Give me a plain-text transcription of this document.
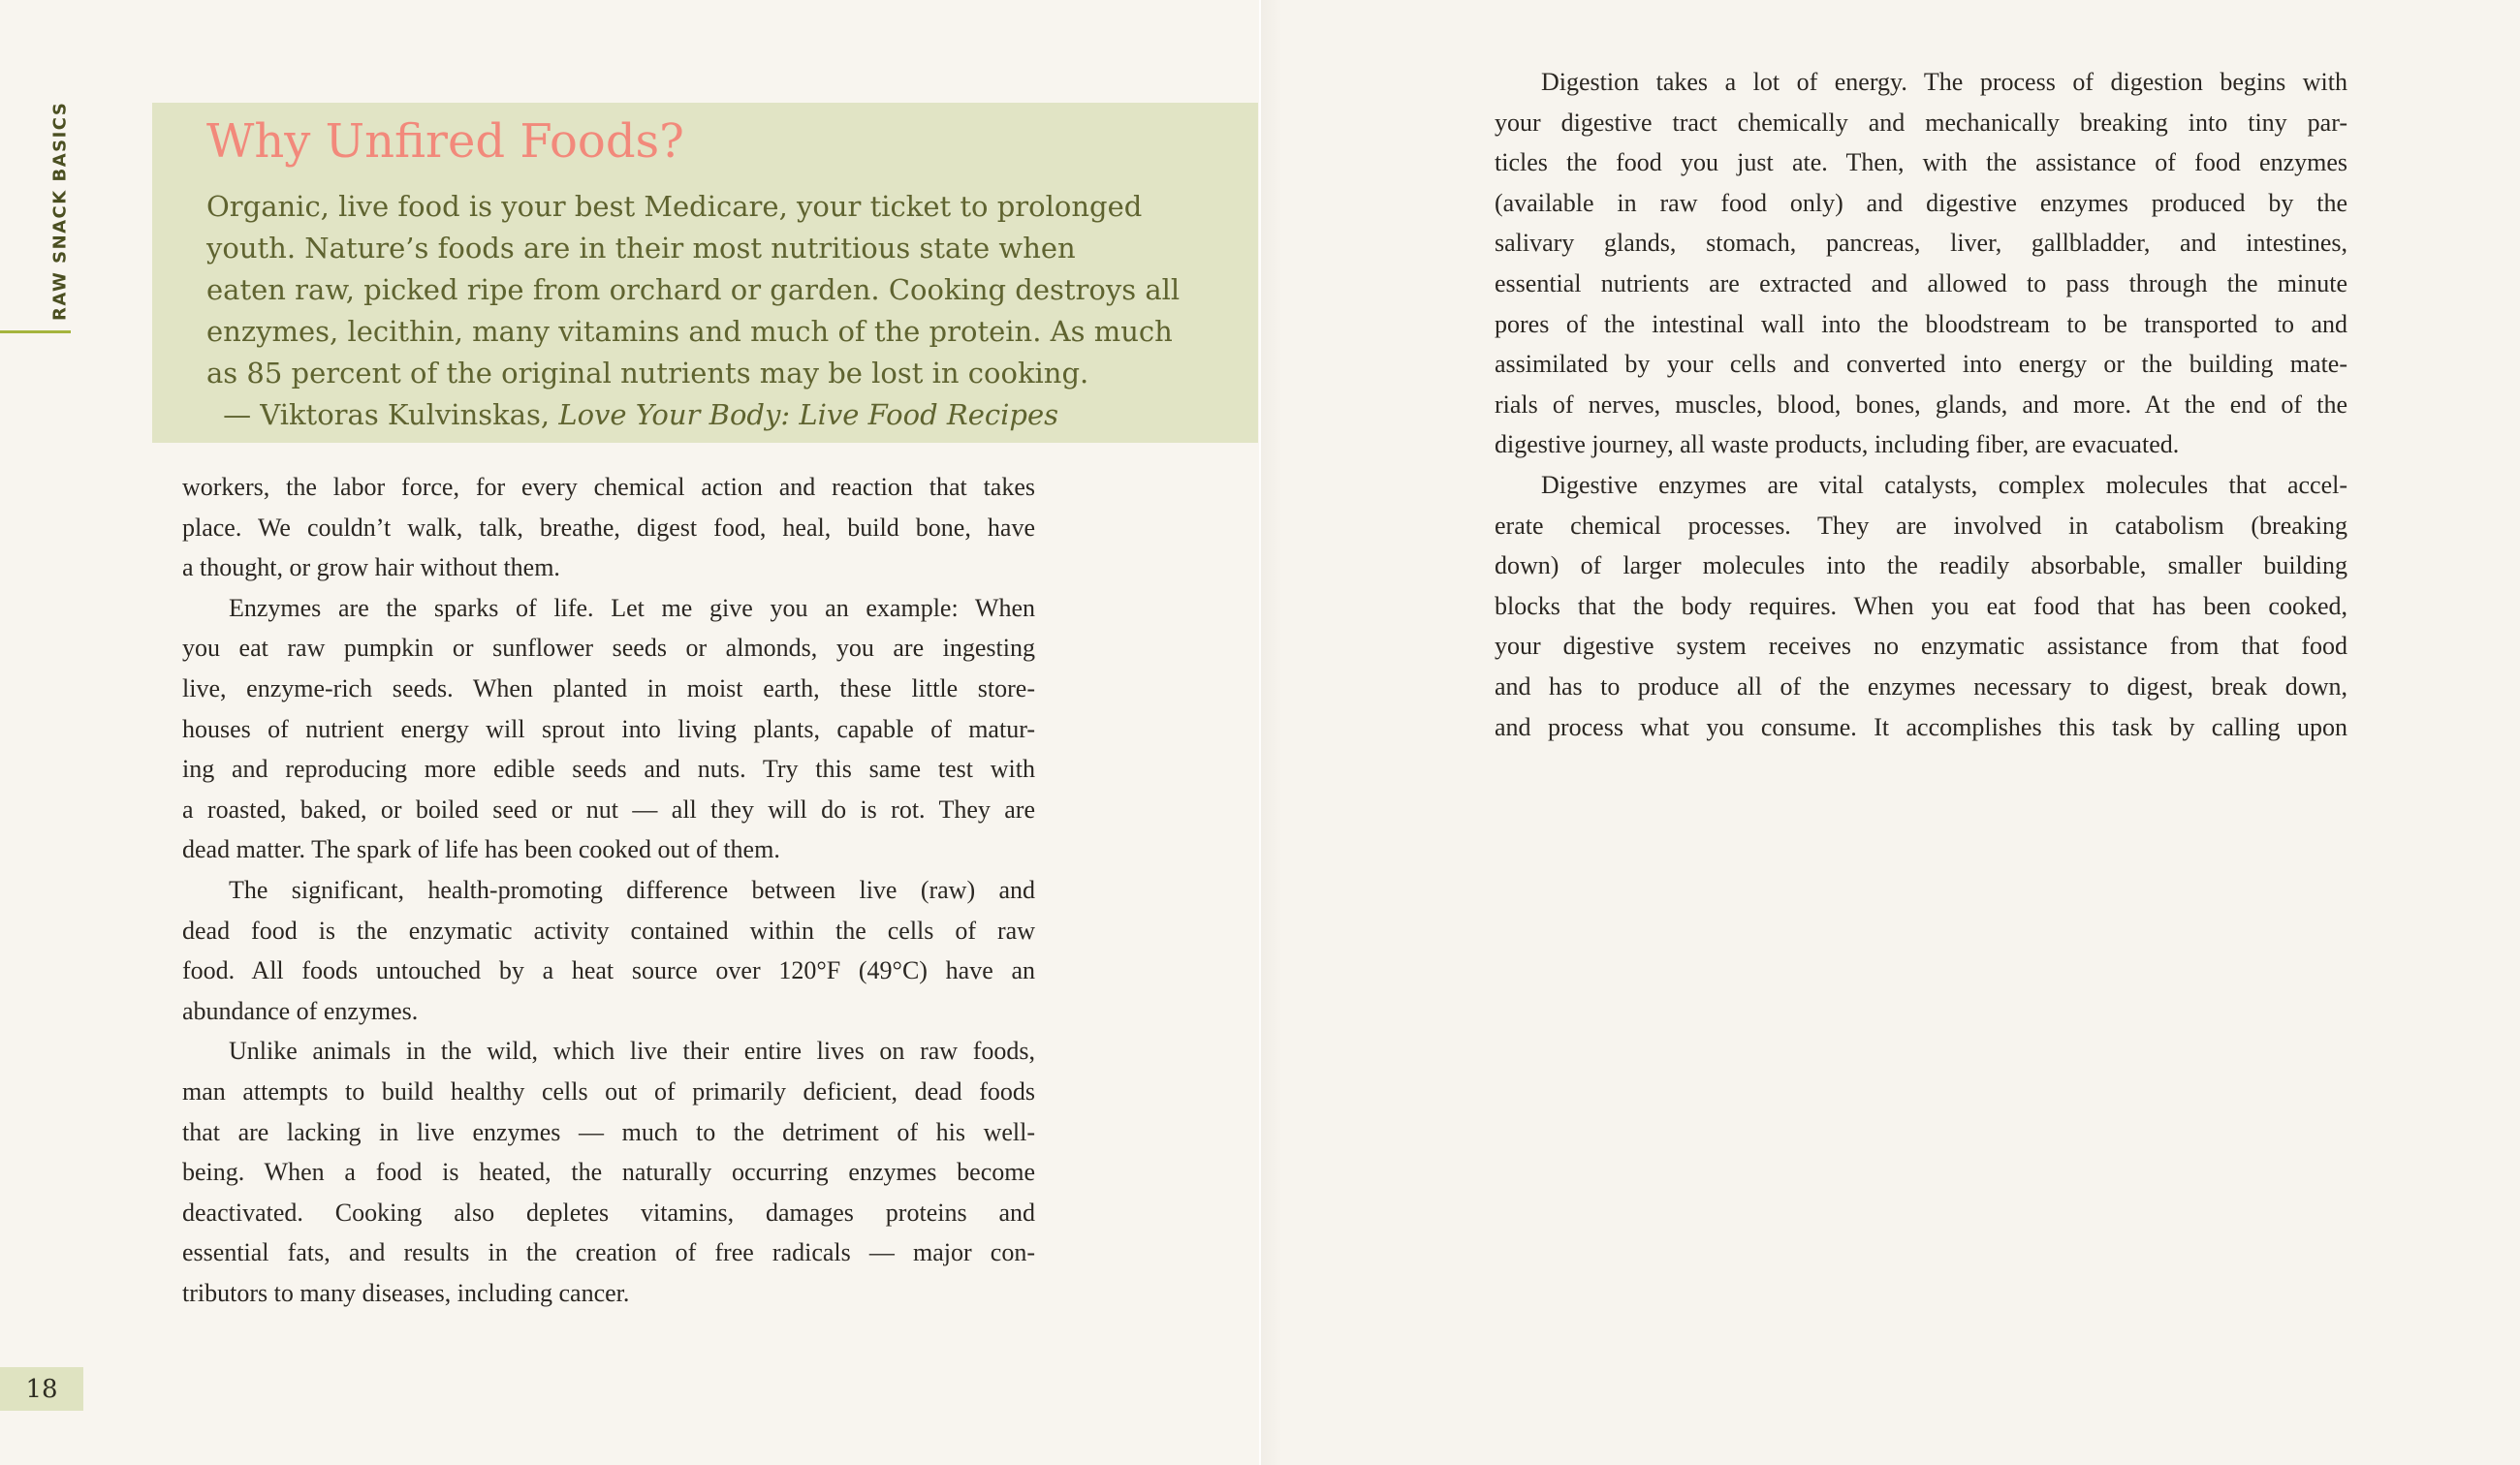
RAW SNACK BASICS	Why Unfired Foods?
Organic, live food is your best Medicare, your ticket to prolonged
youth. Nature’s foods are in their most nutritious state when
eaten raw, picked ripe from orchard or garden. Cooking destroys all
enzymes, lecithin, many vitamins and much of the protein. As much
as 85 percent of the original nutrients may be lost in cooking.
— Viktoras Kulvinskas, Love Your Body: Live Food Recipes
workers, the labor force, for every chemical action and reaction that takes
place. We couldn’t walk, talk, breathe, digest food, heal, build bone, have
a thought, or grow hair without them.
Enzymes are the sparks of life. Let me give you an example: When
you eat raw pumpkin or sunflower seeds or almonds, you are ingesting
live, enzyme-rich seeds. When planted in moist earth, these little store-
houses of nutrient energy will sprout into living plants, capable of matur-
ing and reproducing more edible seeds and nuts. Try this same test with
a roasted, baked, or boiled seed or nut — all they will do is rot. They are
dead matter. The spark of life has been cooked out of them.
The significant, health-promoting difference between live (raw) and
dead food is the enzymatic activity contained within the cells of raw
food. All foods untouched by a heat source over 120°F (49°C) have an
abundance of enzymes.
Unlike animals in the wild, which live their entire lives on raw foods,
man attempts to build healthy cells out of primarily deficient, dead foods
that are lacking in live enzymes — much to the detriment of his well-
being. When a food is heated, the naturally occurring enzymes become
deactivated. Cooking also depletes vitamins, damages proteins and
essential fats, and results in the creation of free radicals — major con-
tributors to many diseases, including cancer.
18
Digestion takes a lot of energy. The process of digestion begins with
your digestive tract chemically and mechanically breaking into tiny par-
ticles the food you just ate. Then, with the assistance of food enzymes
(available in raw food only) and digestive enzymes produced by the
salivary glands, stomach, pancreas, liver, gallbladder, and intestines,
essential nutrients are extracted and allowed to pass through the minute
pores of the intestinal wall into the bloodstream to be transported to and
assimilated by your cells and converted into energy or the building mate-
rials of nerves, muscles, blood, bones, glands, and more. At the end of the
digestive journey, all waste products, including fiber, are evacuated.
Digestive enzymes are vital catalysts, complex molecules that accel-
erate chemical processes. They are involved in catabolism (breaking
down) of larger molecules into the readily absorbable, smaller building
blocks that the body requires. When you eat food that has been cooked,
your digestive system receives no enzymatic assistance from that food
and has to produce all of the enzymes necessary to digest, break down,
and process what you consume. It accomplishes this task by calling upon
